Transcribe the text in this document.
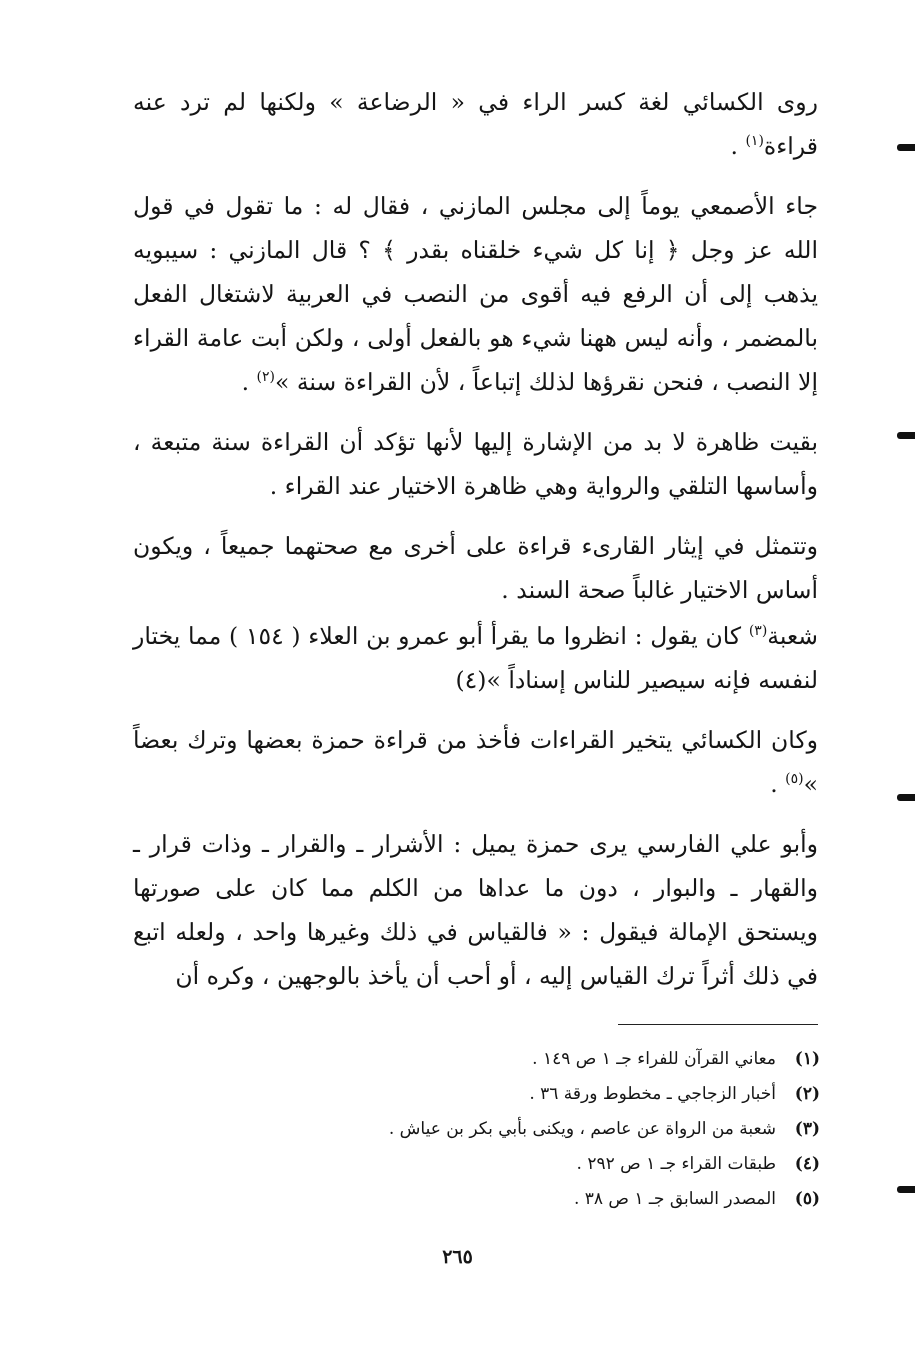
روى الكسائي لغة كسر الراء في « الرضاعة » ولكنها لم ترد عنه قراءة$^{(١)}$ .

جاء الأصمعي يوماً إلى مجلس المازني ، فقال له : ما تقول في قول الله عز وجل ﴿ إنا كل شيء خلقناه بقدر ﴾ ؟ قال المازني : سيبويه يذهب إلى أن الرفع فيه أقوى من النصب في العربية لاشتغال الفعل بالمضمر ، وأنه ليس ههنا شيء هو بالفعل أولى ، ولكن أبت عامة القراء إلا النصب ، فنحن نقرؤها لذلك إتباعاً ، لأن القراءة سنة »$^{(٢)}$ .

بقيت ظاهرة لا بد من الإشارة إليها لأنها تؤكد أن القراءة سنة متبعة ، وأساسها التلقي والرواية وهي ظاهرة الاختيار عند القراء .

وتتمثل في إيثار القارىء قراءة على أخرى مع صحتهما جميعاً ، ويكون أساس الاختيار غالباً صحة السند .

شعبة$^{(٣)}$ كان يقول : انظروا ما يقرأ أبو عمرو بن العلاء ( ١٥٤ ) مما يختار لنفسه فإنه سيصير للناس إسناداً »(٤)

وكان الكسائي يتخير القراءات فأخذ من قراءة حمزة بعضها وترك بعضاً »$^{(٥)}$ .

وأبو علي الفارسي يرى حمزة يميل : الأشرار ـ والقرار ـ وذات قرار ـ والقهار ـ والبوار ، دون ما عداها من الكلم مما كان على صورتها ويستحق الإمالة فيقول : « فالقياس في ذلك وغيرها واحد ، ولعله اتبع في ذلك أثراً ترك القياس إليه ، أو أحب أن يأخذ بالوجهين ، وكره أن

(١)معاني القرآن للفراء جـ ١ ص ١٤٩ .
(٢)أخبار الزجاجي ـ مخطوط ورقة ٣٦ .
(٣)شعبة من الرواة عن عاصم ، ويكنى بأبي بكر بن عياش .
(٤)طبقات القراء جـ ١ ص ٢٩٢ .
(٥)المصدر السابق جـ ١ ص ٣٨ .
٢٦٥
